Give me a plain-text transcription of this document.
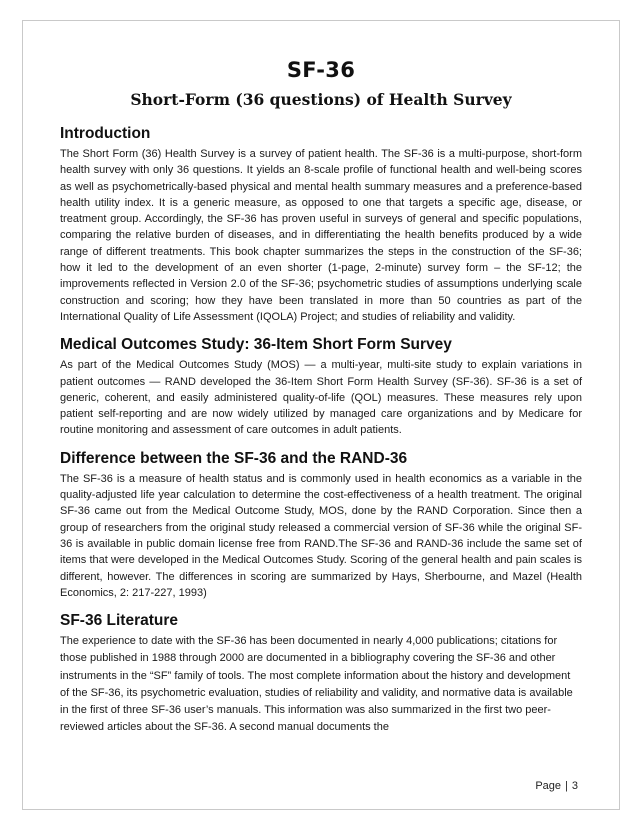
SF-36
Short-Form (36 questions) of Health Survey
Introduction

The Short Form (36) Health Survey is a survey of patient health. The SF-36 is a multi-purpose, short-form health survey with only 36 questions. It yields an 8-scale profile of functional health and well-being scores as well as psychometrically-based physical and mental health summary measures and a preference-based health utility index. It is a generic measure, as opposed to one that targets a specific age, disease, or treatment group. Accordingly, the SF-36 has proven useful in surveys of general and specific populations, comparing the relative burden of diseases, and in differentiating the health benefits produced by a wide range of different treatments. This book chapter summarizes the steps in the construction of the SF-36; how it led to the development of an even shorter (1-page, 2-minute) survey form – the SF-12; the improvements reflected in Version 2.0 of the SF-36; psychometric studies of assumptions underlying scale construction and scoring; how they have been translated in more than 50 countries as part of the International Quality of Life Assessment (IQOLA) Project; and studies of reliability and validity.

Medical Outcomes Study: 36-Item Short Form Survey

As part of the Medical Outcomes Study (MOS) — a multi-year, multi-site study to explain variations in patient outcomes — RAND developed the 36-Item Short Form Health Survey (SF-36). SF-36 is a set of generic, coherent, and easily administered quality-of-life (QOL) measures. These measures rely upon patient self-reporting and are now widely utilized by managed care organizations and by Medicare for routine monitoring and assessment of care outcomes in adult patients.

Difference between the SF-36 and the RAND-36

The SF-36 is a measure of health status and is commonly used in health economics as a variable in the quality-adjusted life year calculation to determine the cost-effectiveness of a health treatment. The original SF-36 came out from the Medical Outcome Study, MOS, done by the RAND Corporation. Since then a group of researchers from the original study released a commercial version of SF-36 while the original SF-36 is available in public domain license free from RAND.The SF-36 and RAND-36 include the same set of items that were developed in the Medical Outcomes Study. Scoring of the general health and pain scales is different, however. The differences in scoring are summarized by Hays, Sherbourne, and Mazel (Health Economics, 2: 217-227, 1993)

SF-36 Literature

The experience to date with the SF-36 has been documented in nearly 4,000 publications; citations for those published in 1988 through 2000 are documented in a bibliography covering the SF-36 and other instruments in the “SF” family of tools. The most complete information about the history and development of the SF-36, its psychometric evaluation, studies of reliability and validity, and normative data is available in the first of three SF-36 user’s manuals. This information was also summarized in the first two peer-reviewed articles about the SF-36. A second manual documents the

Page | 3
